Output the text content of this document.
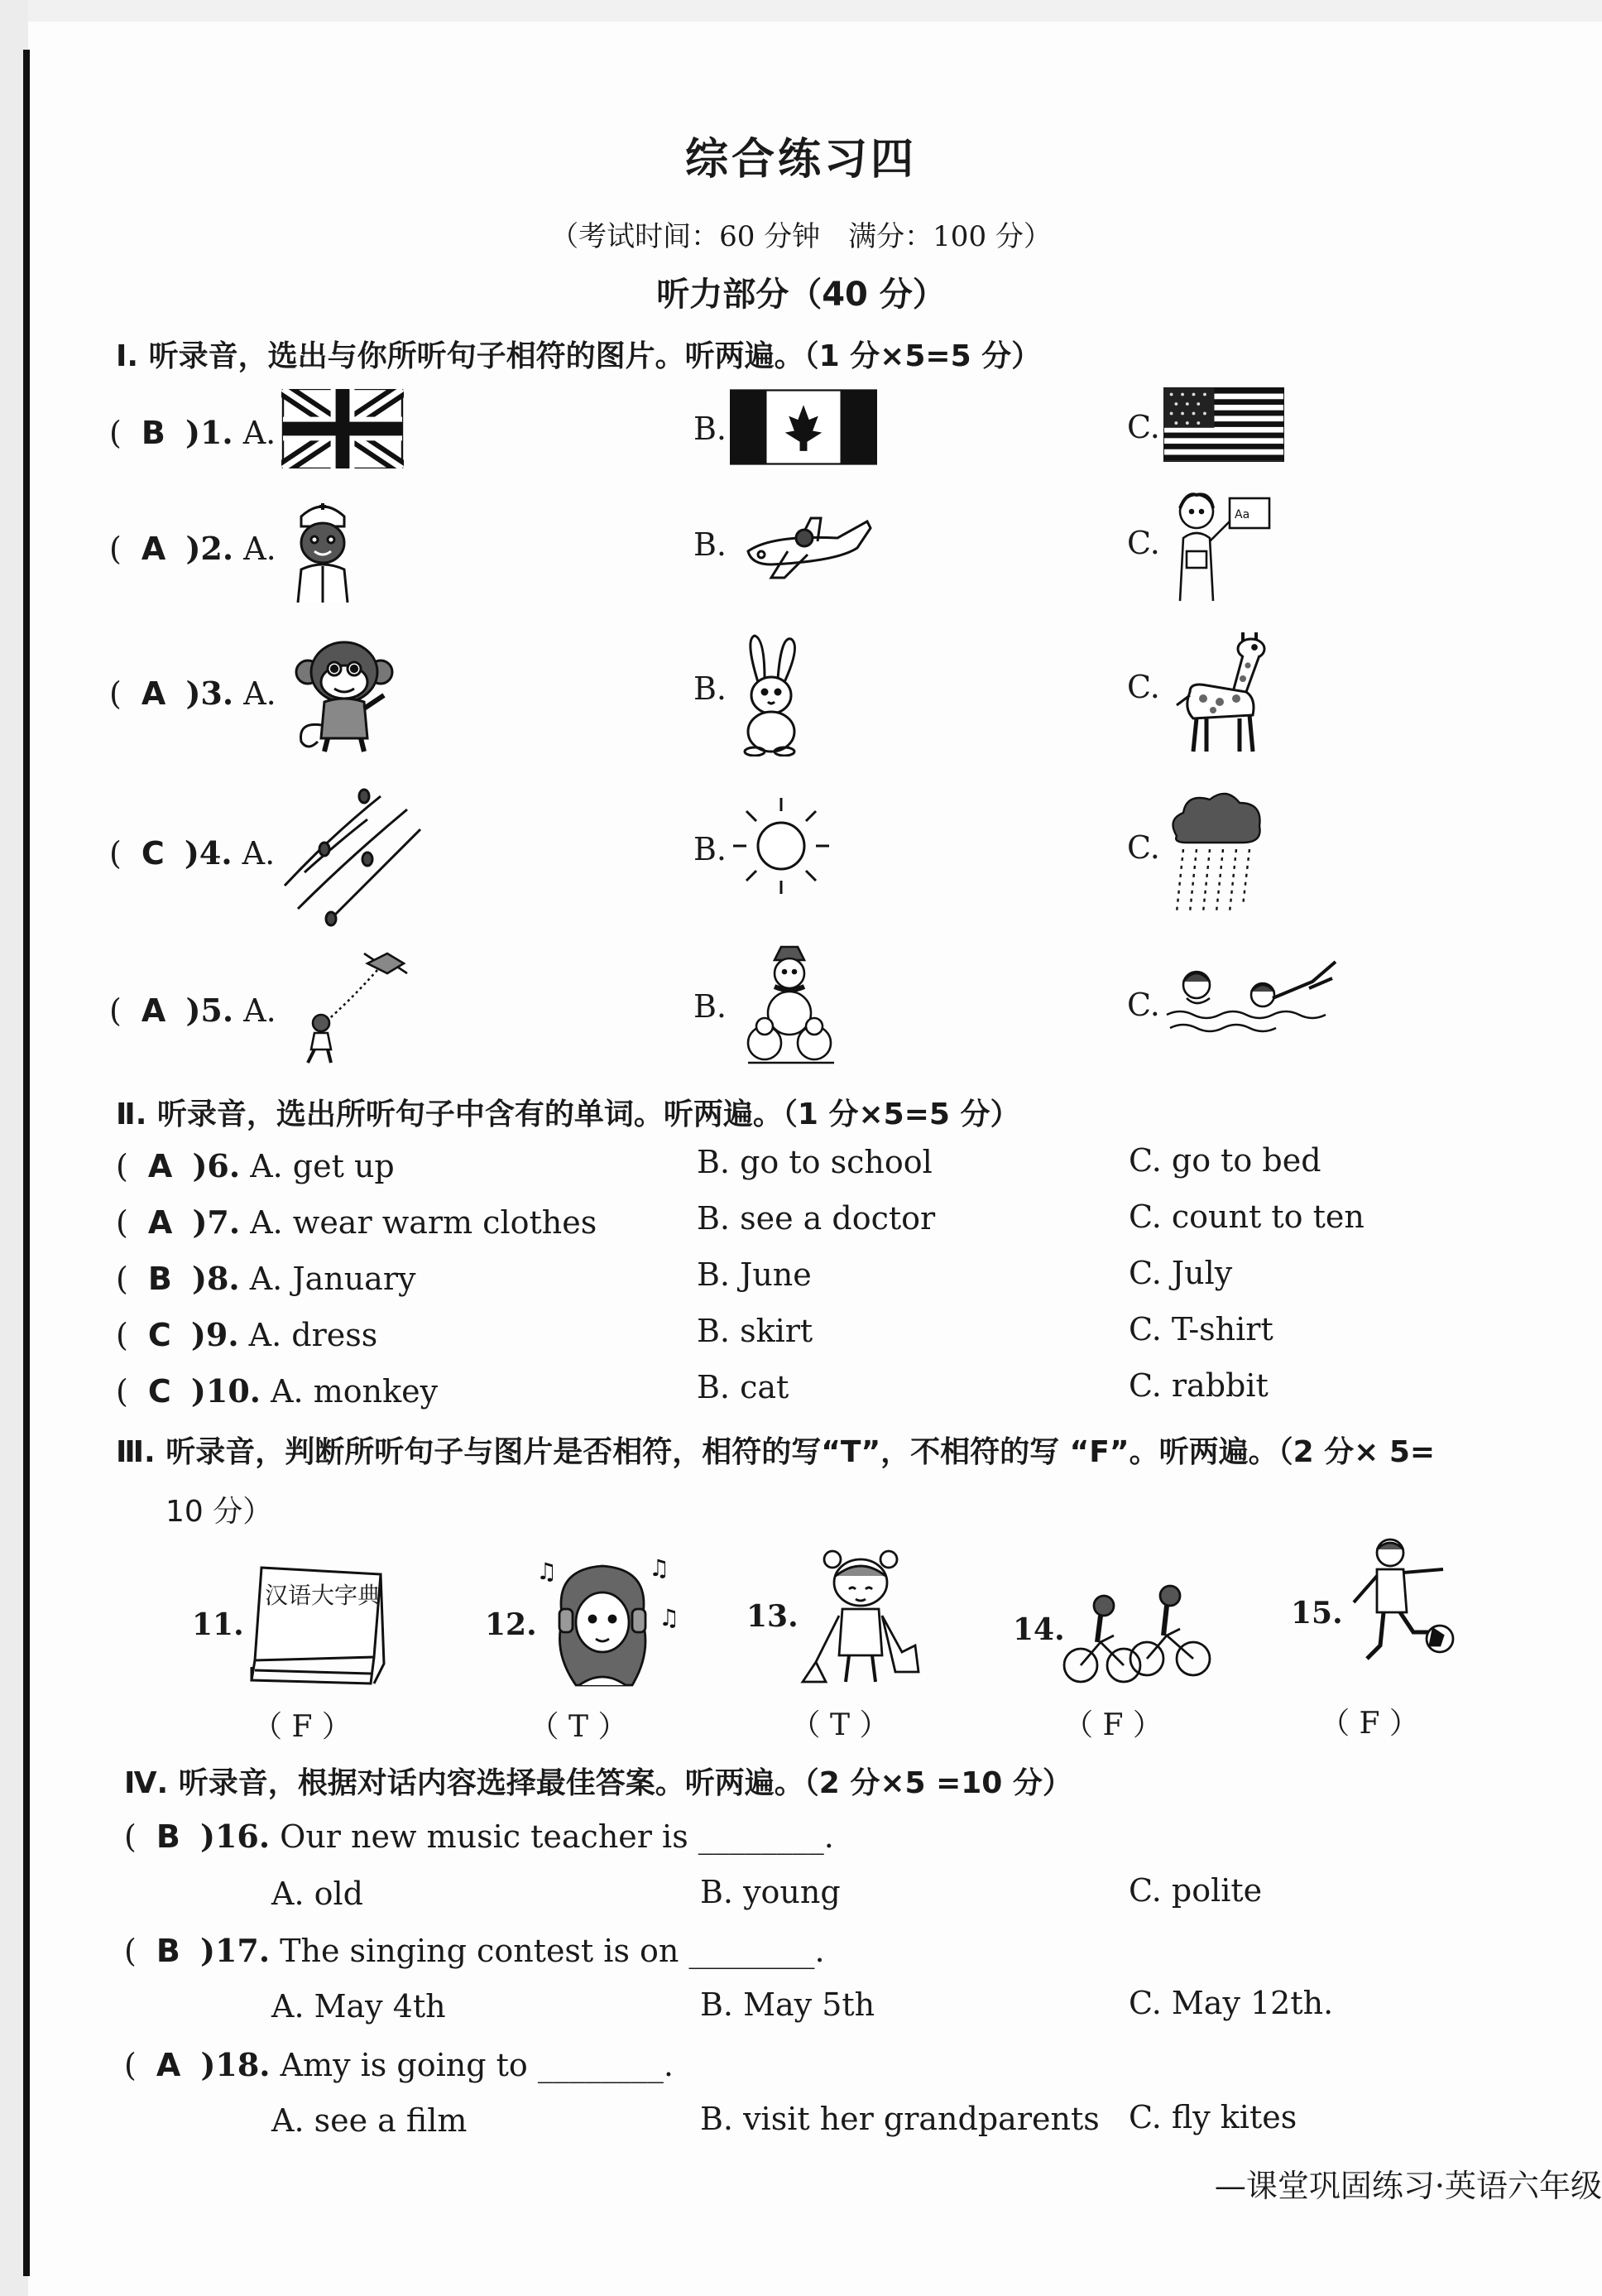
综合练习四
（考试时间：60 分钟　满分：100 分）
听力部分（40 分）
Ⅰ. 听录音，选出与你所听句子相符的图片。听两遍。（1 分×5=5 分）
( B )1. A.	B.	C.
( A )2. A.	B.	C.
Aa
( A )3. A.	B.	C.
( C )4. A.	B.	C.
( A )5. A.	B.	C.
Ⅱ. 听录音，选出所听句子中含有的单词。听两遍。（1 分×5=5 分）
( A )6. A. get up	B. go to school	C. go to bed
( A )7. A. wear warm clothes	B. see a doctor	C. count to ten
( B )8. A. January	B. June	C. July
( C )9. A. dress	B. skirt	C. T-shirt
( C )10. A. monkey	B. cat	C. rabbit
Ⅲ. 听录音，判断所听句子与图片是否相符，相符的写“T”，不相符的写 “F”。听两遍。（2 分× 5=
10 分）
11.
汉语大字典
（ F ）
12.
♫	♫
♫
（ T ）
13.
（ T ）
14.
（ F ）
15.
（ F ）
Ⅳ. 听录音，根据对话内容选择最佳答案。听两遍。（2 分×5 =10 分）
( B )16. Our new music teacher is ________.
A. old	B. young	C. polite
( B )17. The singing contest is on ________.
A. May 4th	B. May 5th	C. May 12th.
( A )18. Amy is going to ________.
A. see a film	B. visit her grandparents C. fly kites
—课堂巩固练习·英语六年级
